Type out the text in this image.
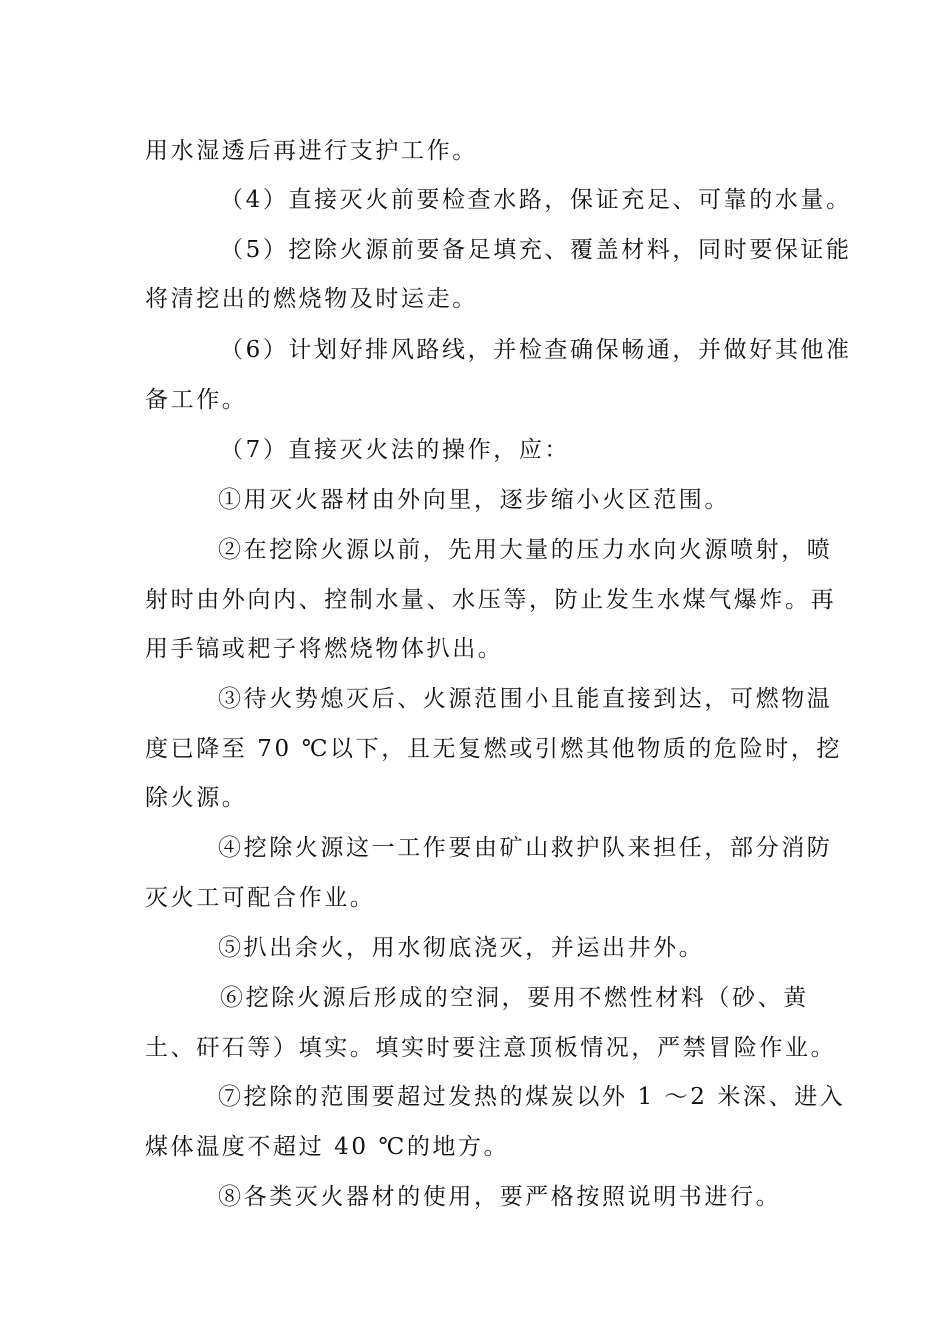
用水湿透后再进行支护工作。
（4）直接灭火前要检查水路，保证充足、可靠的水量。
（5）挖除火源前要备足填充、覆盖材料，同时要保证能
将清挖出的燃烧物及时运走。
（6）计划好排风路线，并检查确保畅通，并做好其他准
备工作。
（7）直接灭火法的操作，应：
①用灭火器材由外向里，逐步缩小火区范围。
②在挖除火源以前，先用大量的压力水向火源喷射，喷
射时由外向内、控制水量、水压等，防止发生水煤气爆炸。再
用手镐或耙子将燃烧物体扒出。
③待火势熄灭后、火源范围小且能直接到达，可燃物温
度已降至 70 ℃以下，且无复燃或引燃其他物质的危险时，挖
除火源。
④挖除火源这一工作要由矿山救护队来担任，部分消防
灭火工可配合作业。
⑤扒出余火，用水彻底浇灭，并运出井外。
⑥挖除火源后形成的空洞，要用不燃性材料（砂、黄
土、矸石等）填实。填实时要注意顶板情况，严禁冒险作业。
⑦挖除的范围要超过发热的煤炭以外 1 ～2 米深、进入
煤体温度不超过 40 ℃的地方。
⑧各类灭火器材的使用，要严格按照说明书进行。
